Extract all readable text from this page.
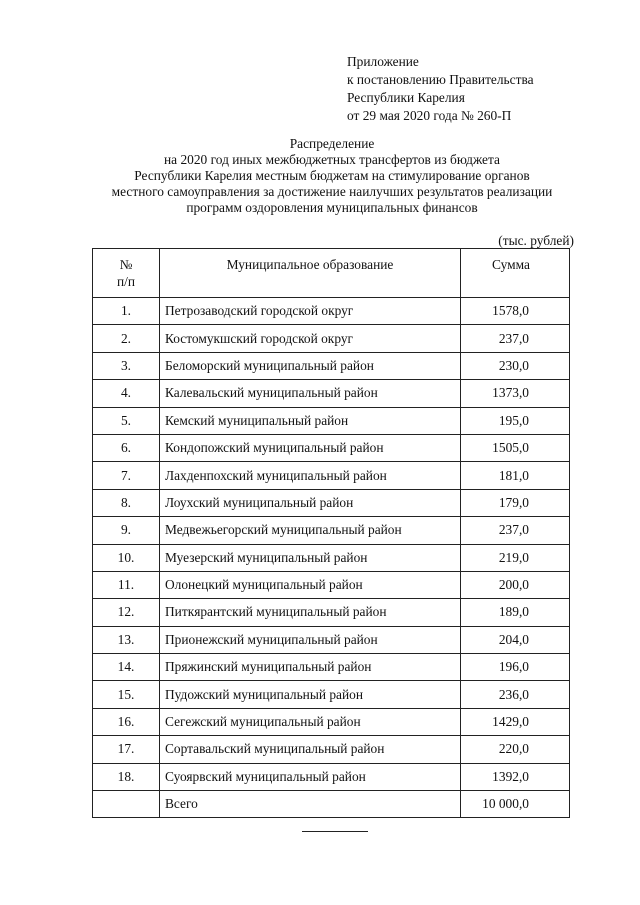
Приложение
к постановлению Правительства
Республики Карелия
от 29 мая 2020 года № 260-П
Распределение
на 2020 год иных межбюджетных трансфертов из бюджета
Республики Карелия местным бюджетам на стимулирование органов
местного самоуправления за достижение наилучших результатов реализации
программ оздоровления муниципальных финансов
(тыс. рублей)
№
п/п	Муниципальное образование	Сумма
1.	Петрозаводский городской округ	1578,0
2.	Костомукшский городской округ	237,0
3.	Беломорский муниципальный район	230,0
4.	Калевальский муниципальный район	1373,0
5.	Кемский муниципальный район	195,0
6.	Кондопожский муниципальный район	1505,0
7.	Лахденпохский муниципальный район	181,0
8.	Лоухский муниципальный район	179,0
9.	Медвежьегорский муниципальный район	237,0
10.	Муезерский муниципальный район	219,0
11.	Олонецкий муниципальный район	200,0
12.	Питкярантский муниципальный район	189,0
13.	Прионежский муниципальный район	204,0
14.	Пряжинский муниципальный район	196,0
15.	Пудожский муниципальный район	236,0
16.	Сегежский муниципальный район	1429,0
17.	Сортавальский муниципальный район	220,0
18.	Суоярвский муниципальный район	1392,0
	Всего	10 000,0
